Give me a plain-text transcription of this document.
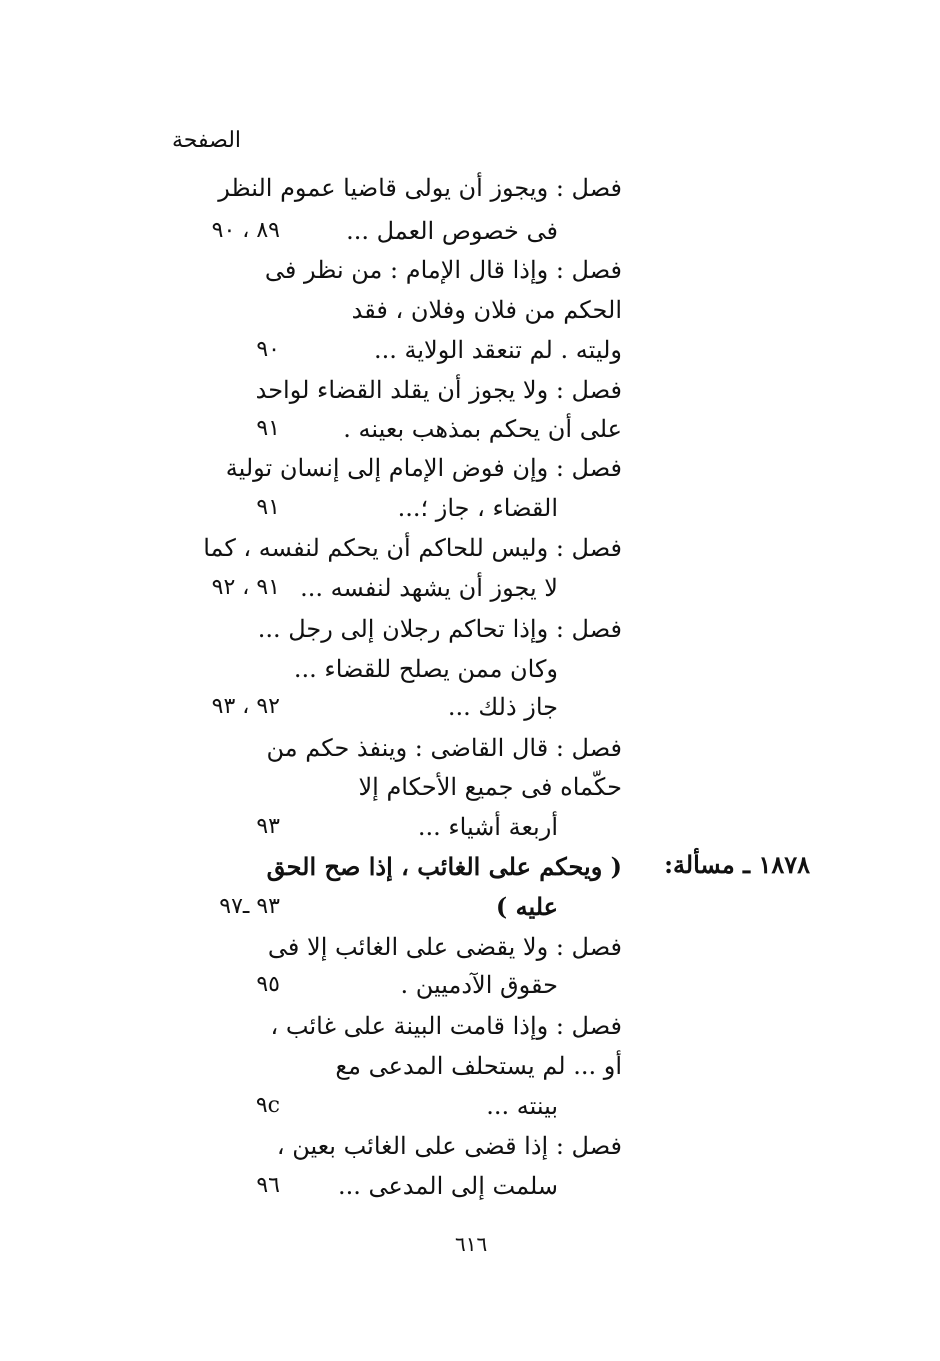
الصفحة
فصل : ويجوز أن يولى قاضيا عموم النظر
فى خصوص العمل ...
٨٩ ، ٩٠
فصل : وإذا قال الإمام : من نظر فى
الحكم من فلان وفلان ، فقد
وليته . لم تنعقد الولاية ...
٩٠
فصل : ولا يجوز أن يقلد القضاء لواحد
على أن يحكم بمذهب بعينه .
٩١
فصل : وإن فوض الإمام إلى إنسان تولية
القضاء ، جاز ؛...
٩١
فصل : وليس للحاكم أن يحكم لنفسه ، كما
لا يجوز أن يشهد لنفسه ...
٩١ ، ٩٢
فصل : وإذا تحاكم رجلان إلى رجل ...
وكان ممن يصلح للقضاء ...
جاز ذلك ...
٩٢ ، ٩٣
فصل : قال القاضى : وينفذ حكم من
حكّماه فى جميع الأحكام إلا
أربعة أشياء ...
٩٣
١٨٧٨ ـ مسألة:
( ويحكم على الغائب ، إذا صح الحق
عليه )
٩٣ ـ٩٧
فصل : ولا يقضى على الغائب إلا فى
حقوق الآدميين .
٩٥
فصل : وإذا قامت البينة على غائب ،
أو ... لم يستحلف المدعى مع
بينته ...
٩c
فصل : إذا قضى على الغائب بعين ،
سلمت إلى المدعى ...
٩٦
٦١٦
